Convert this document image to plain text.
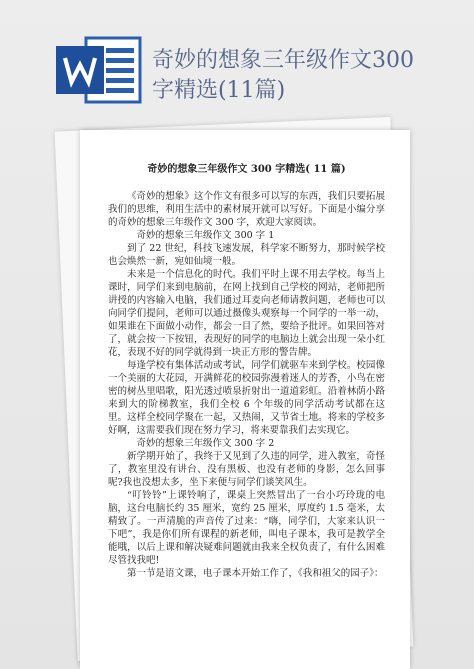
奇妙的想象三年级作文300
字精选(11篇)
奇妙的想象三年级作文 300 字精选( 11 篇)

《奇妙的想象》这个作文有很多可以写的东西，我们只要拓展我们的思维，利用生活中的素材展开就可以写好。下面是小编分享的奇妙的想象三年级作文 300 字，欢迎大家阅读。

奇妙的想象三年级作文 300 字 1

到了 22 世纪，科技飞速发展，科学家不断努力，那时候学校也会焕然一新，宛如仙境一般。

未来是一个信息化的时代。我们平时上课不用去学校。每当上课时，同学们来到电脑前，在网上找到自己学校的网站，老师把所讲授的内容输入电脑，我们通过耳麦向老师请教问题，老师也可以向同学们提问，老师可以通过摄像头观察每一个同学的一举一动，如果谁在下面做小动作，都会一目了然，要给予批评。如果回答对了，就会按一下按钮，表现好的同学的电脑边上就会出现一朵小红花，表现不好的同学就得到一块正方形的警告牌。

每逢学校有集体活动或考试，同学们就驱车来到学校。校园像一个美丽的大花园，开满鲜花的校园弥漫着迷人的芳香，小鸟在密密的树丛里唱歌，阳光透过喷泉折射出一道道彩虹。沿着林荫小路来到大的阶梯教室，我们全校 6 个年级的同学活动考试都在这里。这样全校同学聚在一起，又热闹，又节省土地。将来的学校多好啊，这需要我们现在努力学习，将来要靠我们去实现它。

奇妙的想象三年级作文 300 字 2

新学期开始了，我终于又见到了久违的同学，进入教室，奇怪了，教室里没有讲台、没有黑板、也没有老师的身影，怎么回事呢?我也没想太多，坐下来便与同学们谈笑风生。

“叮铃铃”上课铃响了，课桌上突然冒出了一台小巧玲珑的电脑，这台电脑长约 35 厘米，宽约 25 厘米，厚度约 1.5 毫米，太精致了。一声清脆的声音传了过来：“嗨，同学们，大家来认识一下吧”，我是你们所有课程的新老师，叫电子课本，我可是教学全能哦，以后上课和解决疑难问题就由我来全权负责了，有什么困难尽管找我吧!

第一节是语文课，电子课本开始工作了，《我和祖父的园子》：
